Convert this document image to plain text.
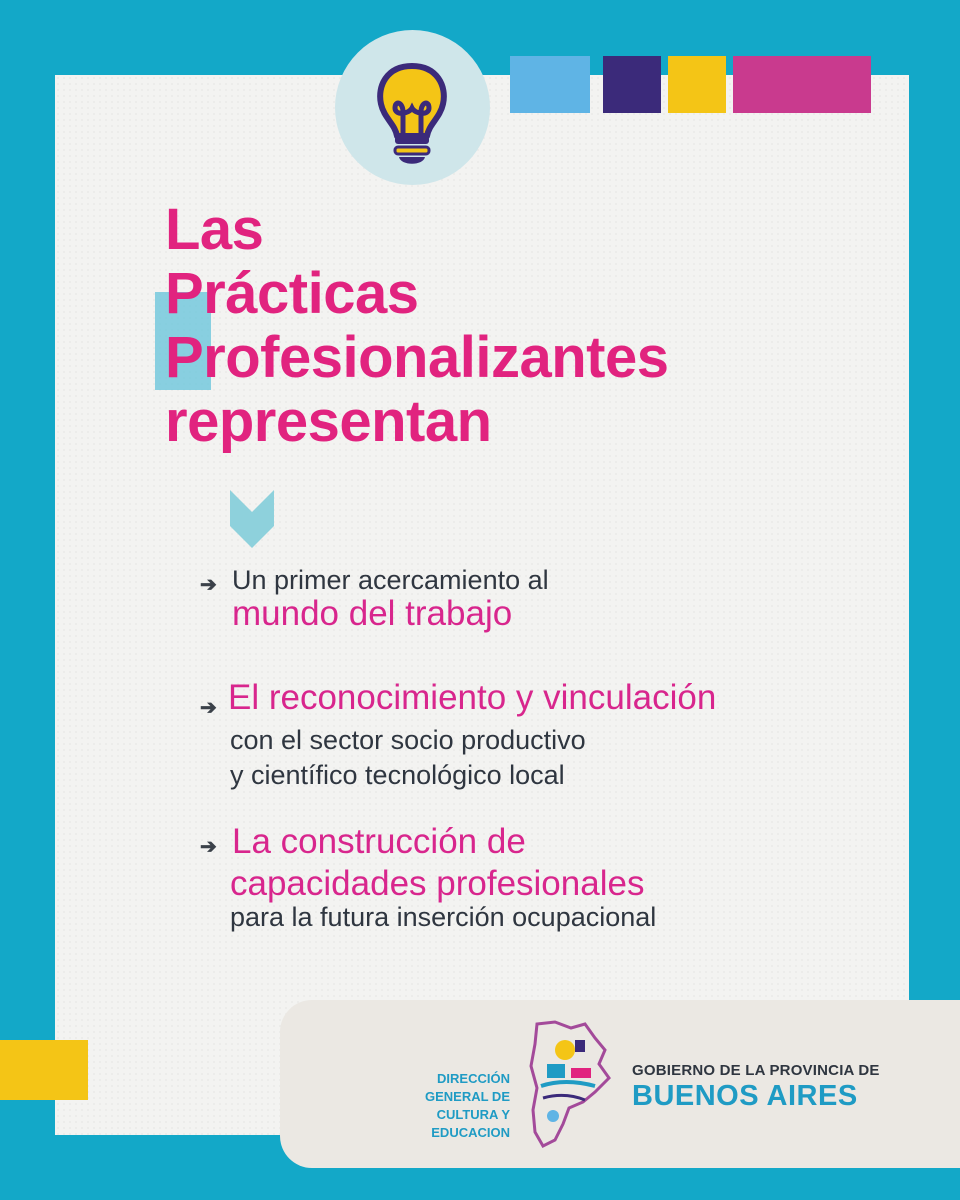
Las
Prácticas
Profesionalizantes
representan
➔ Un primer acercamiento al
mundo del trabajo
➔ El reconocimiento y vinculación
con el sector socio productivo
y científico tecnológico local
➔ La construcción de
capacidades profesionales
para la futura inserción ocupacional
DIRECCIÓN GENERAL DE
CULTURA Y EDUCACION
GOBIERNO DE LA PROVINCIA DE
BUENOS AIRES
